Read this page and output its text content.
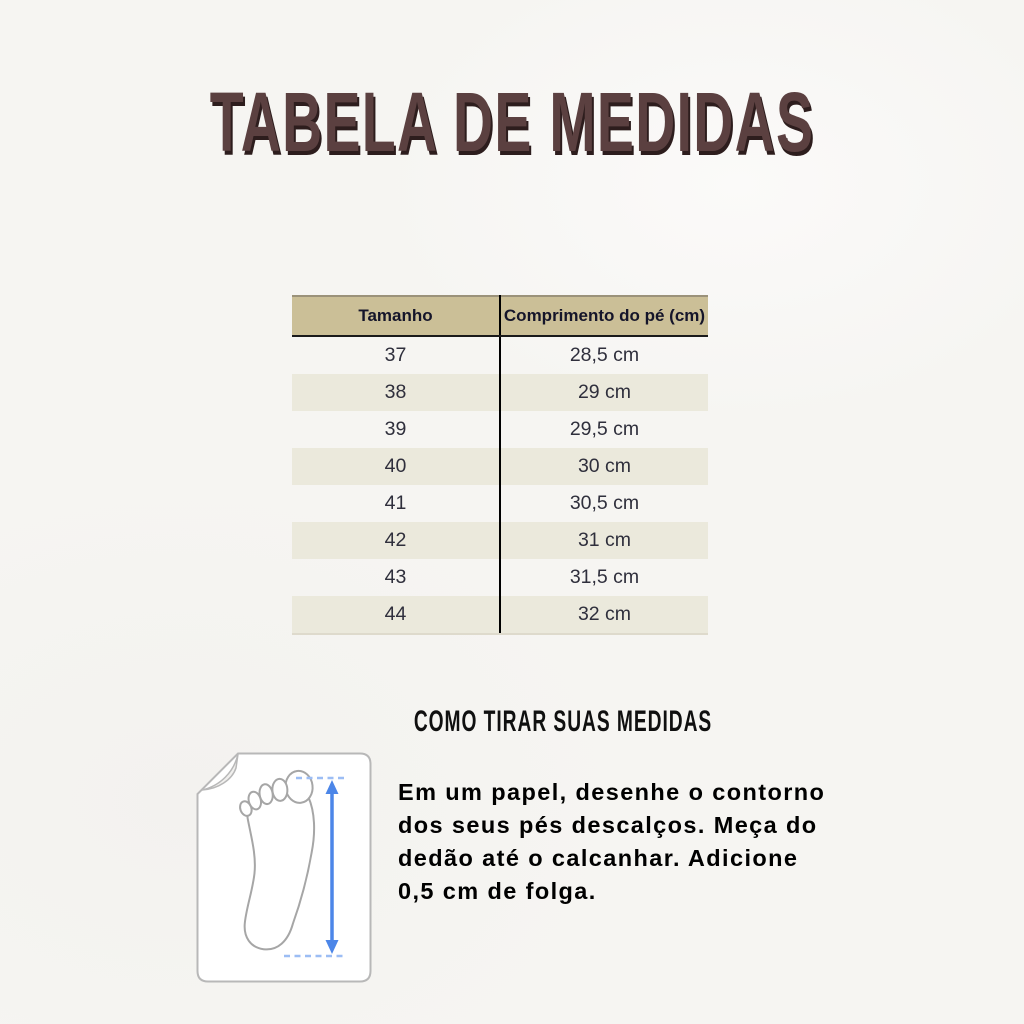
TABELA DE MEDIDAS
Tamanho	Comprimento do pé (cm)
37	28,5 cm
38	29 cm
39	29,5 cm
40	30 cm
41	30,5 cm
42	31 cm
43	31,5 cm
44	32 cm
COMO TIRAR SUAS MEDIDAS
Em um papel, desenhe o contorno
dos seus pés descalços. Meça do
dedão até o calcanhar. Adicione
0,5 cm de folga.
